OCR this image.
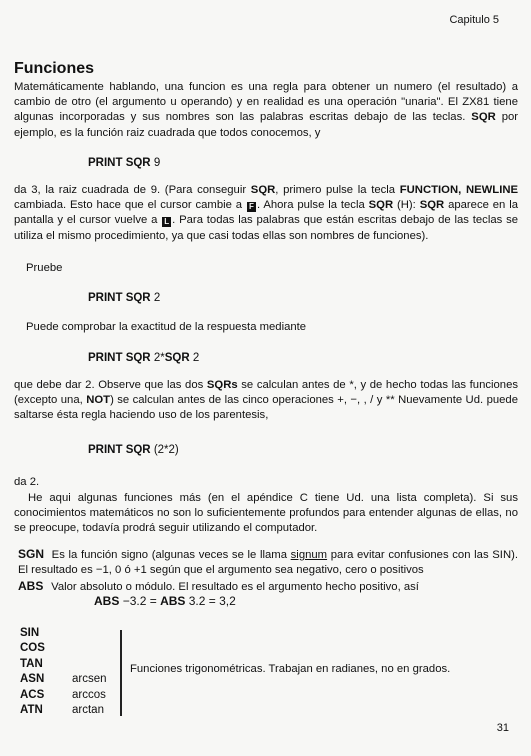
Capitulo 5
Funciones

Matemáticamente hablando, una funcion es una regla para obtener un numero (el resultado) a cambio de otro (el argumento u operando) y en realidad es una operación "unaria". El ZX81 tiene algunas incorporadas y sus nombres son las palabras escritas debajo de las teclas. SQR por ejemplo, es la función raiz cuadrada que todos conocemos, y

PRINT SQR 9

da 3, la raiz cuadrada de 9. (Para conseguir SQR, primero pulse la tecla FUNCTION, NEWLINE cambiada. Esto hace que el cursor cambie a F . Ahora pulse la tecla SQR (H): SQR aparece en la pantalla y el cursor vuelve a L . Para todas las palabras que están escritas debajo de las teclas se utiliza el mismo procedimiento, ya que casi todas ellas son nombres de funciones).

Pruebe
PRINT SQR 2
Puede comprobar la exactitud de la respuesta mediante
PRINT SQR 2*SQR 2

que debe dar 2. Observe que las dos SQRs se calculan antes de *, y de hecho todas las funciones (excepto una, NOT) se calculan antes de las cinco operaciones +, −, , / y ** Nuevamente Ud. puede saltarse ésta regla haciendo uso de los parentesis,

PRINT SQR (2*2)
da 2.

He aqui algunas funciones más (en el apéndice C tiene Ud. una lista completa). Si sus conocimientos matemáticos no son lo suficientemente profundos para entender algunas de ellas, no se preocupe, todavía prodrá seguir utilizando el computador.

SGN Es la función signo (algunas veces se le llama signum para evitar confusiones con las SIN). El resultado es −1, 0 ó +1 según que el argumento sea negativo, cero o positivos
ABS Valor absoluto o módulo. El resultado es el argumento hecho positivo, así
ABS −3.2 = ABS 3.2 = 3,2
SIN
COS
TAN
ASN	arcsen
ACS	arccos
ATN	arctan
Funciones trigonométricas. Trabajan en radianes, no en grados.
31
